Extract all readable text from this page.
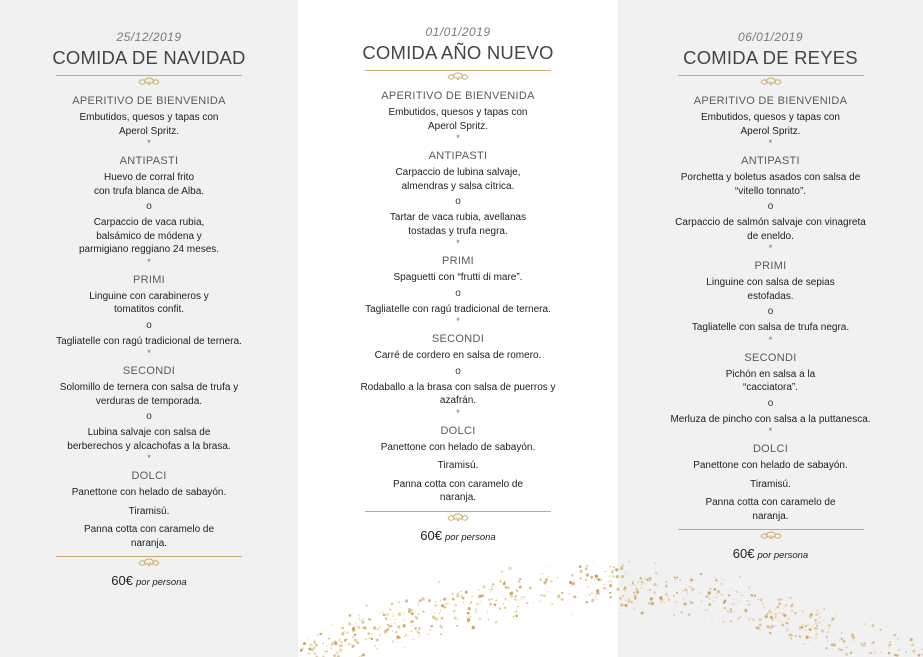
25/12/2019
COMIDA DE NAVIDAD
APERITIVO DE BIENVENIDA
Embutidos, quesos y tapas con
Aperol Spritz.
*
ANTIPASTI
Huevo de corral frito
con trufa blanca de Alba.
o
Carpaccio de vaca rubia,
balsámico de módena y
parmigiano reggiano 24 meses.
*
PRIMI
Linguine con carabineros y
tomatitos confit.
o
Tagliatelle con ragú tradicional de ternera.
*
SECONDI
Solomillo de ternera con salsa de trufa y
verduras de temporada.
o
Lubina salvaje con salsa de
berberechos y alcachofas a la brasa.
*
DOLCI
Panettone con helado de sabayón.
Tiramisú.
Panna cotta con caramelo de
naranja.
60€ por persona
01/01/2019
COMIDA AÑO NUEVO
APERITIVO DE BIENVENIDA
Embutidos, quesos y tapas con
Aperol Spritz.
*
ANTIPASTI
Carpaccio de lubina salvaje,
almendras y salsa cítrica.
o
Tartar de vaca rubia, avellanas
tostadas y trufa negra.
*
PRIMI
Spaguetti con “frutti di mare”.
o
Tagliatelle con ragú tradicional de ternera.
*
SECONDI
Carré de cordero en salsa de romero.
o
Rodaballo a la brasa con salsa de puerros y
azafrán.
*
DOLCI
Panettone con helado de sabayón.
Tiramisú.
Panna cotta con caramelo de
naranja.
60€ por persona
06/01/2019
COMIDA DE REYES
APERITIVO DE BIENVENIDA
Embutidos, quesos y tapas con
Aperol Spritz.
*
ANTIPASTI
Porchetta y boletus asados con salsa de
“vitello tonnato”.
o
Carpaccio de salmón salvaje con vinagreta
de eneldo.
*
PRIMI
Linguine con salsa de sepias
estofadas.
o
Tagliatelle con salsa de trufa negra.
*
SECONDI
Pichón en salsa a la
“cacciatora”.
o
Merluza de pincho con salsa a la puttanesca.
*
DOLCI
Panettone con helado de sabayón.
Tiramisú.
Panna cotta con caramelo de
naranja.
60€ por persona
